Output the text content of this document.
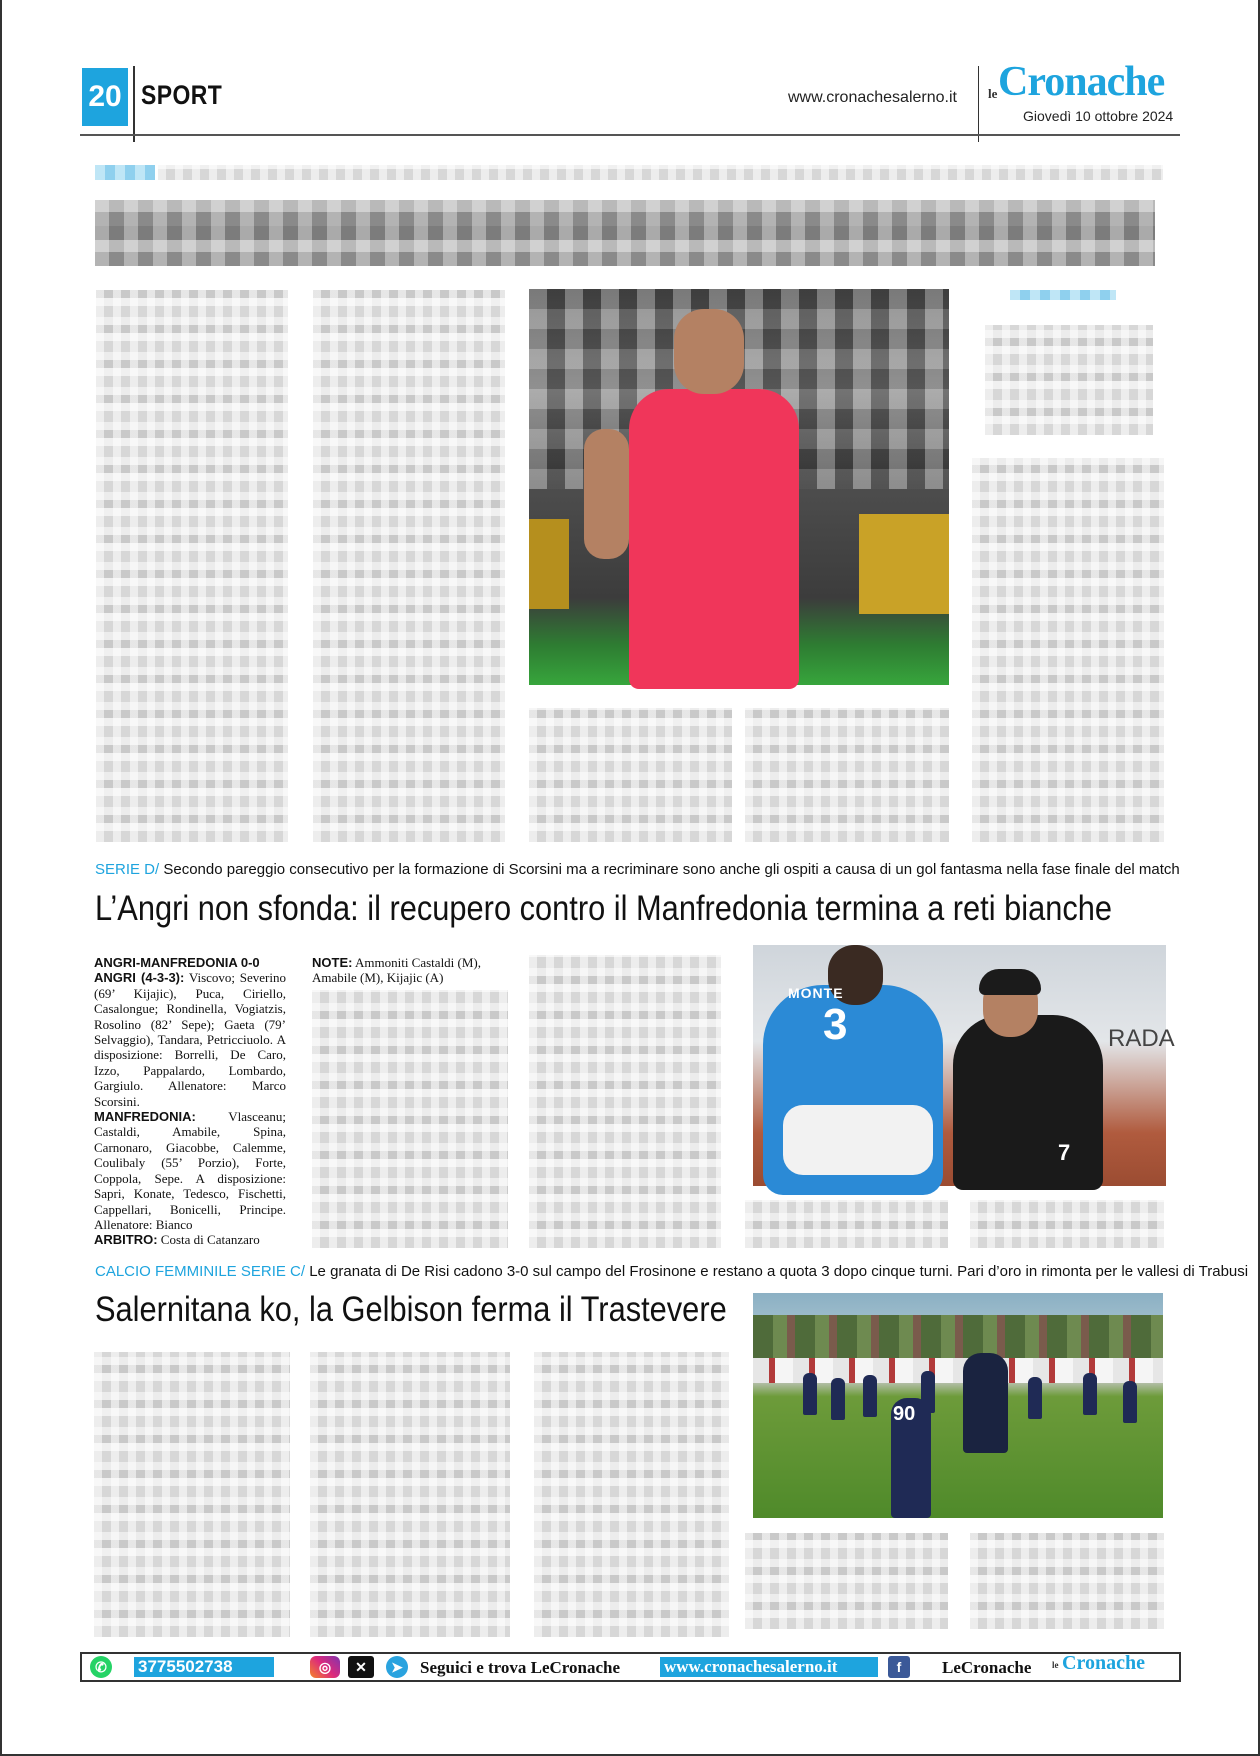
20 SPORT	www.cronachesalerno.it le Cronache
Giovedì 10 ottobre 2024
SERIE D/ Secondo pareggio consecutivo per la formazione di Scorsini ma a recriminare sono anche gli ospiti a causa di un gol fantasma nella fase finale del match
L’Angri non sfonda: il recupero contro il Manfredonia termina a reti bianche
ANGRI-MANFREDONIA 0-0
ANGRI (4-3-3): Viscovo; Severino (69’ Kijajic), Puca, Ciriello, Casalongue; Rondinella, Vogiatzis, Rosolino (82’ Sepe); Gaeta (79’ Selvaggio), Tandara, Petricciuolo. A disposizione: Borrelli, De Caro, Izzo, Pappalardo, Lombardo, Gargiulo. Allenatore: Marco Scorsini.
MANFREDONIA: Vlasceanu; Castaldi, Amabile, Spina, Carnonaro, Giacobbe, Calemme, Coulibaly (55’ Porzio), Forte, Coppola, Sepe. A disposizione: Sapri, Konate, Tedesco, Fischetti, Cappellari, Bonicelli, Principe. Allenatore: Bianco
ARBITRO: Costa di Catanzaro
NOTE: Ammoniti Castaldi (M), Amabile (M), Kijajic (A)
RADA
MONTE
3
7
CALCIO FEMMINILE SERIE C/ Le granata di De Risi cadono 3-0 sul campo del Frosinone e restano a quota 3 dopo cinque turni. Pari d’oro in rimonta per le vallesi di Trabusi
Salernitana ko, la Gelbison ferma il Trastevere
90
✆	3775502738	◎	✕	➤	Seguici e trova LeCronache	www.cronachesalerno.it	f	LeCronache le Cronache
